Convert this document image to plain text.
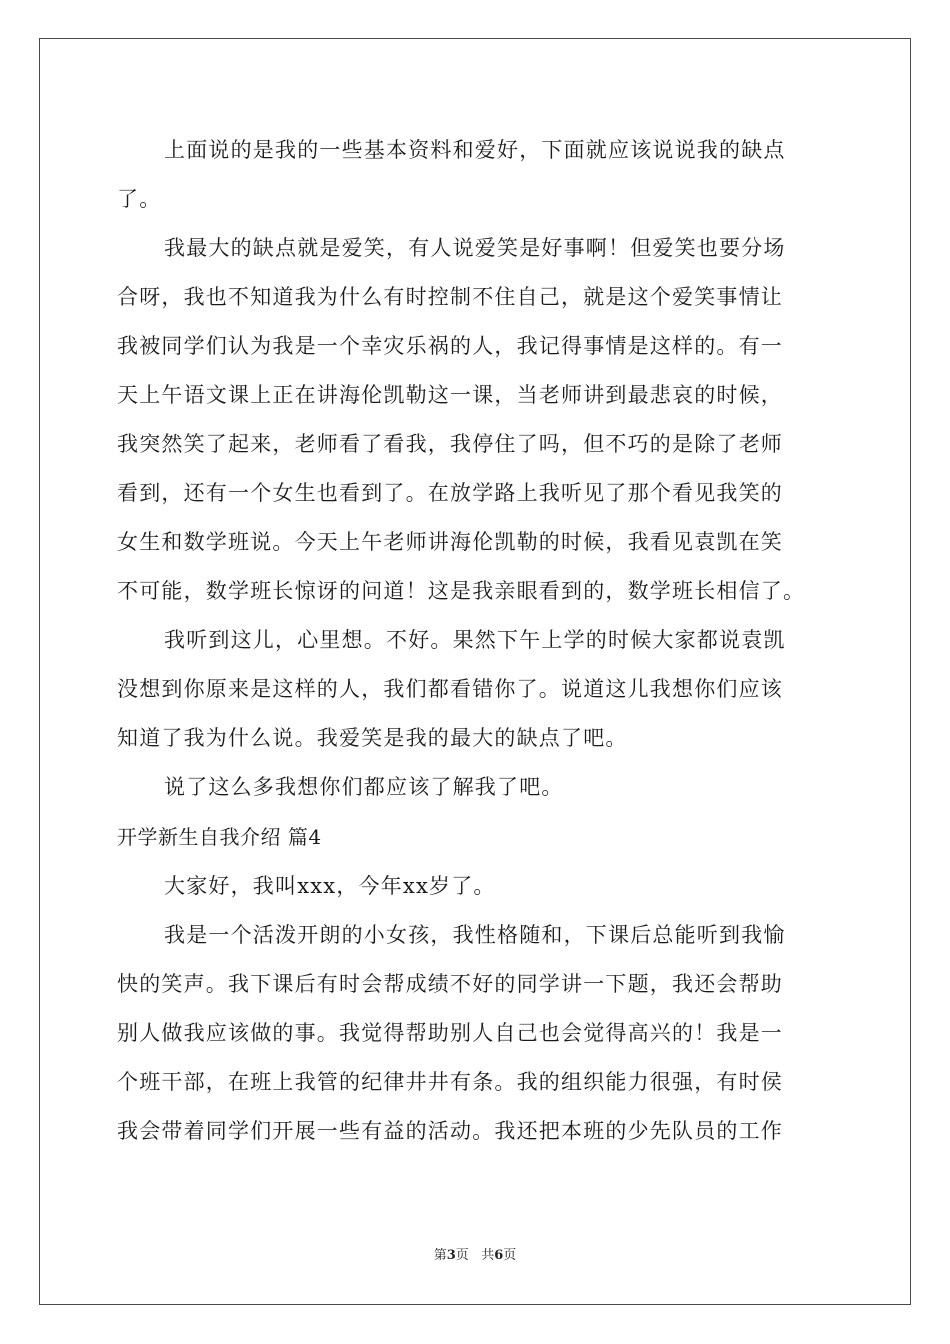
上面说的是我的一些基本资料和爱好，下面就应该说说我的缺点
了。
我最大的缺点就是爱笑，有人说爱笑是好事啊！但爱笑也要分场
合呀，我也不知道我为什么有时控制不住自己，就是这个爱笑事情让
我被同学们认为我是一个幸灾乐祸的人，我记得事情是这样的。有一
天上午语文课上正在讲海伦凯勒这一课，当老师讲到最悲哀的时候，
我突然笑了起来，老师看了看我，我停住了吗，但不巧的是除了老师
看到，还有一个女生也看到了。在放学路上我听见了那个看见我笑的
女生和数学班说。今天上午老师讲海伦凯勒的时候，我看见袁凯在笑
不可能，数学班长惊讶的问道！这是我亲眼看到的，数学班长相信了。
我听到这儿，心里想。不好。果然下午上学的时候大家都说袁凯
没想到你原来是这样的人，我们都看错你了。说道这儿我想你们应该
知道了我为什么说。我爱笑是我的最大的缺点了吧。
说了这么多我想你们都应该了解我了吧。
开学新生自我介绍 篇4
大家好，我叫xxx，今年xx岁了。
我是一个活泼开朗的小女孩，我性格随和，下课后总能听到我愉
快的笑声。我下课后有时会帮成绩不好的同学讲一下题，我还会帮助
别人做我应该做的事。我觉得帮助别人自己也会觉得高兴的！我是一
个班干部，在班上我管的纪律井井有条。我的组织能力很强，有时侯
我会带着同学们开展一些有益的活动。我还把本班的少先队员的工作
第3页 共6页
